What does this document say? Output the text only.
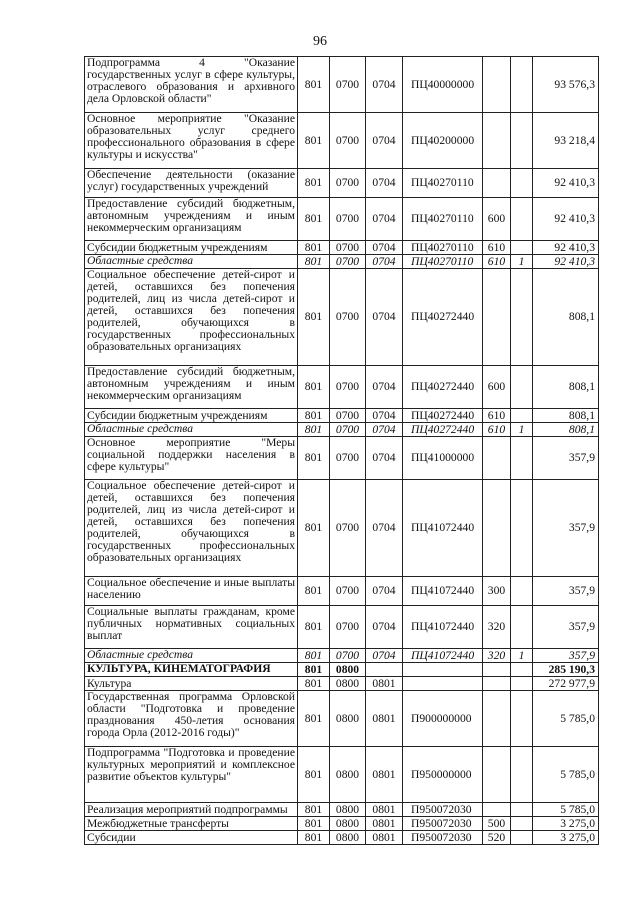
96
Подпрограмма 4 "Оказание государственных услуг в сфере культуры, отраслевого образования и архивного дела Орловской области"	801	0700	0704	ПЦ40000000			93 576,3
Основное мероприятие "Оказание образовательных услуг среднего профессионального образования в сфере культуры и искусства"	801	0700	0704	ПЦ40200000			93 218,4
Обеспечение деятельности (оказание услуг) государственных учреждений	801	0700	0704	ПЦ40270110			92 410,3
Предоставление субсидий бюджетным, автономным учреждениям и иным некоммерческим организациям	801	0700	0704	ПЦ40270110	600		92 410,3
Субсидии бюджетным учреждениям	801	0700	0704	ПЦ40270110	610		92 410,3
Областные средства	801	0700	0704	ПЦ40270110	610	1	92 410,3
Социальное обеспечение детей-сирот и детей, оставшихся без попечения родителей, лиц из числа детей-сирот и детей, оставшихся без попечения родителей, обучающихся в государственных профессиональных образовательных организациях	801	0700	0704	ПЦ40272440			808,1
Предоставление субсидий бюджетным, автономным учреждениям и иным некоммерческим организациям	801	0700	0704	ПЦ40272440	600		808,1
Субсидии бюджетным учреждениям	801	0700	0704	ПЦ40272440	610		808,1
Областные средства	801	0700	0704	ПЦ40272440	610	1	808,1
Основное мероприятие "Меры социальной поддержки населения в сфере культуры"	801	0700	0704	ПЦ41000000			357,9
Социальное обеспечение детей-сирот и детей, оставшихся без попечения родителей, лиц из числа детей-сирот и детей, оставшихся без попечения родителей, обучающихся в государственных профессиональных образовательных организациях	801	0700	0704	ПЦ41072440			357,9
Социальное обеспечение и иные выплаты населению	801	0700	0704	ПЦ41072440	300		357,9
Социальные выплаты гражданам, кроме публичных нормативных социальных выплат	801	0700	0704	ПЦ41072440	320		357,9
Областные средства	801	0700	0704	ПЦ41072440	320	1	357,9
КУЛЬТУРА, КИНЕМАТОГРАФИЯ	801	0800					285 190,3
Культура	801	0800	0801				272 977,9
Государственная программа Орловской области "Подготовка и проведение празднования 450-летия основания города Орла (2012-2016 годы)"	801	0800	0801	П900000000			5 785,0
Подпрограмма "Подготовка и проведение культурных мероприятий и комплексное развитие объектов культуры"	801	0800	0801	П950000000			5 785,0
Реализация мероприятий подпрограммы	801	0800	0801	П950072030			5 785,0
Межбюджетные трансферты	801	0800	0801	П950072030	500		3 275,0
Субсидии	801	0800	0801	П950072030	520		3 275,0
